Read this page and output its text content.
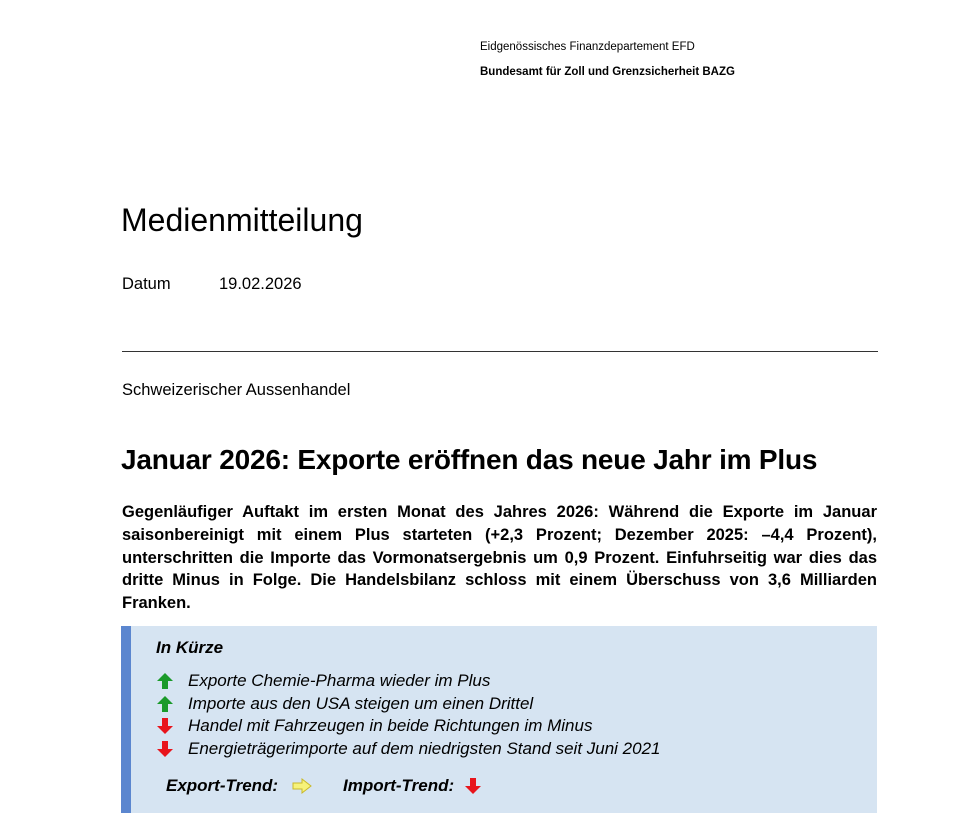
Eidgenössisches Finanzdepartement EFD
Bundesamt für Zoll und Grenzsicherheit BAZG
Medienmitteilung
Datum	19.02.2026
Schweizerischer Aussenhandel
Januar 2026: Exporte eröffnen das neue Jahr im Plus
Gegenläufiger Auftakt im ersten Monat des Jahres 2026: Während die Exporte im Januar saisonbereinigt mit einem Plus starteten (+2,3 Prozent; Dezember 2025: –4,4 Prozent), unterschritten die Importe das Vormonatsergebnis um 0,9 Prozent. Einfuhrseitig war dies das dritte Minus in Folge. Die Handelsbilanz schloss mit einem Überschuss von 3,6 Milliarden Franken.
In Kürze
Exporte Chemie-Pharma wieder im Plus
Importe aus den USA steigen um einen Drittel
Handel mit Fahrzeugen in beide Richtungen im Minus
Energieträgerimporte auf dem niedrigsten Stand seit Juni 2021
Export-Trend:	Import-Trend:
